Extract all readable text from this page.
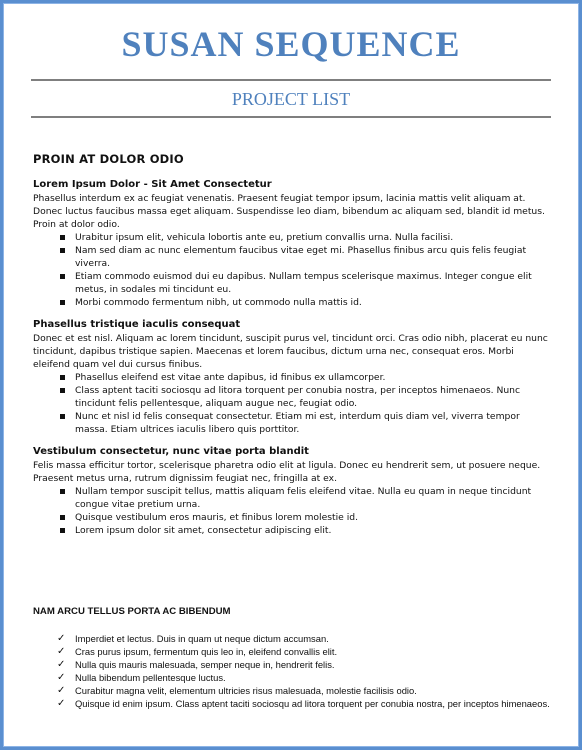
SUSAN SEQUENCE
PROJECT LIST
PROIN AT DOLOR ODIO
Lorem Ipsum Dolor - Sit Amet Consectetur

Phasellus interdum ex ac feugiat venenatis. Praesent feugiat tempor ipsum, lacinia mattis velit aliquam at. Donec luctus faucibus massa eget aliquam. Suspendisse leo diam, bibendum ac aliquam sed, blandit id metus. Proin at dolor odio.

Urabitur ipsum elit, vehicula lobortis ante eu, pretium convallis urna. Nulla facilisi.
Nam sed diam ac nunc elementum faucibus vitae eget mi. Phasellus finibus arcu quis felis feugiat viverra.
Etiam commodo euismod dui eu dapibus. Nullam tempus scelerisque maximus. Integer congue elit metus, in sodales mi tincidunt eu.
Morbi commodo fermentum nibh, ut commodo nulla mattis id.
Phasellus tristique iaculis consequat

Donec et est nisl. Aliquam ac lorem tincidunt, suscipit purus vel, tincidunt orci. Cras odio nibh, placerat eu nunc tincidunt, dapibus tristique sapien. Maecenas et lorem faucibus, dictum urna nec, consequat eros. Morbi eleifend quam vel dui cursus finibus.

Phasellus eleifend est vitae ante dapibus, id finibus ex ullamcorper.
Class aptent taciti sociosqu ad litora torquent per conubia nostra, per inceptos himenaeos. Nunc tincidunt felis pellentesque, aliquam augue nec, feugiat odio.
Nunc et nisl id felis consequat consectetur. Etiam mi est, interdum quis diam vel, viverra tempor massa. Etiam ultrices iaculis libero quis porttitor.
Vestibulum consectetur, nunc vitae porta blandit

Felis massa efficitur tortor, scelerisque pharetra odio elit at ligula. Donec eu hendrerit sem, ut posuere neque. Praesent metus urna, rutrum dignissim feugiat nec, fringilla at ex.

Nullam tempor suscipit tellus, mattis aliquam felis eleifend vitae. Nulla eu quam in neque tincidunt congue vitae pretium urna.
Quisque vestibulum eros mauris, et finibus lorem molestie id.
Lorem ipsum dolor sit amet, consectetur adipiscing elit.
NAM ARCU TELLUS PORTA AC BIBENDUM
✓ Imperdiet et lectus. Duis in quam ut neque dictum accumsan.
✓ Cras purus ipsum, fermentum quis leo in, eleifend convallis elit.
✓ Nulla quis mauris malesuada, semper neque in, hendrerit felis.
✓ Nulla bibendum pellentesque luctus.
✓ Curabitur magna velit, elementum ultricies risus malesuada, molestie facilisis odio.
✓ Quisque id enim ipsum. Class aptent taciti sociosqu ad litora torquent per conubia nostra, per inceptos himenaeos.
